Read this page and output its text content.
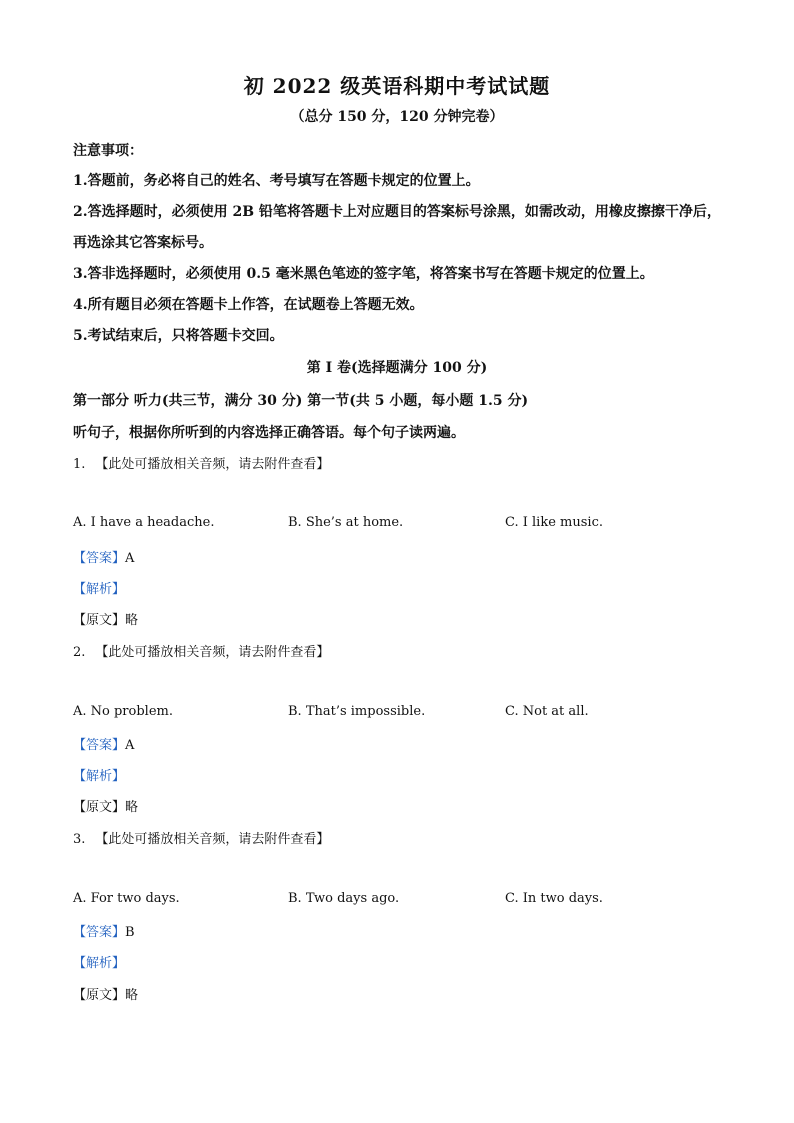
初 2022 级英语科期中考试试题
（总分 150 分，120 分钟完卷）
注意事项：
1.答题前，务必将自己的姓名、考号填写在答题卡规定的位置上。
2.答选择题时，必须使用 2B 铅笔将答题卡上对应题目的答案标号涂黑，如需改动，用橡皮擦擦干净后，再选涂其它答案标号。
3.答非选择题时，必须使用 0.5 毫米黑色笔迹的签字笔，将答案书写在答题卡规定的位置上。
4.所有题目必须在答题卡上作答，在试题卷上答题无效。
5.考试结束后，只将答题卡交回。
第 I 卷(选择题满分 100 分)
第一部分 听力(共三节，满分 30 分) 第一节(共 5 小题，每小题 1.5 分)
听句子，根据你所听到的内容选择正确答语。每个句子读两遍。
1. 【此处可播放相关音频，请去附件查看】
A. I have a headache.	B. She’s at home.	C. I like music.
【答案】A
【解析】
【原文】略
2. 【此处可播放相关音频，请去附件查看】
A. No problem.	B. That’s impossible.	C. Not at all.
【答案】A
【解析】
【原文】略
3. 【此处可播放相关音频，请去附件查看】
A. For two days.	B. Two days ago.	C. In two days.
【答案】B
【解析】
【原文】略
